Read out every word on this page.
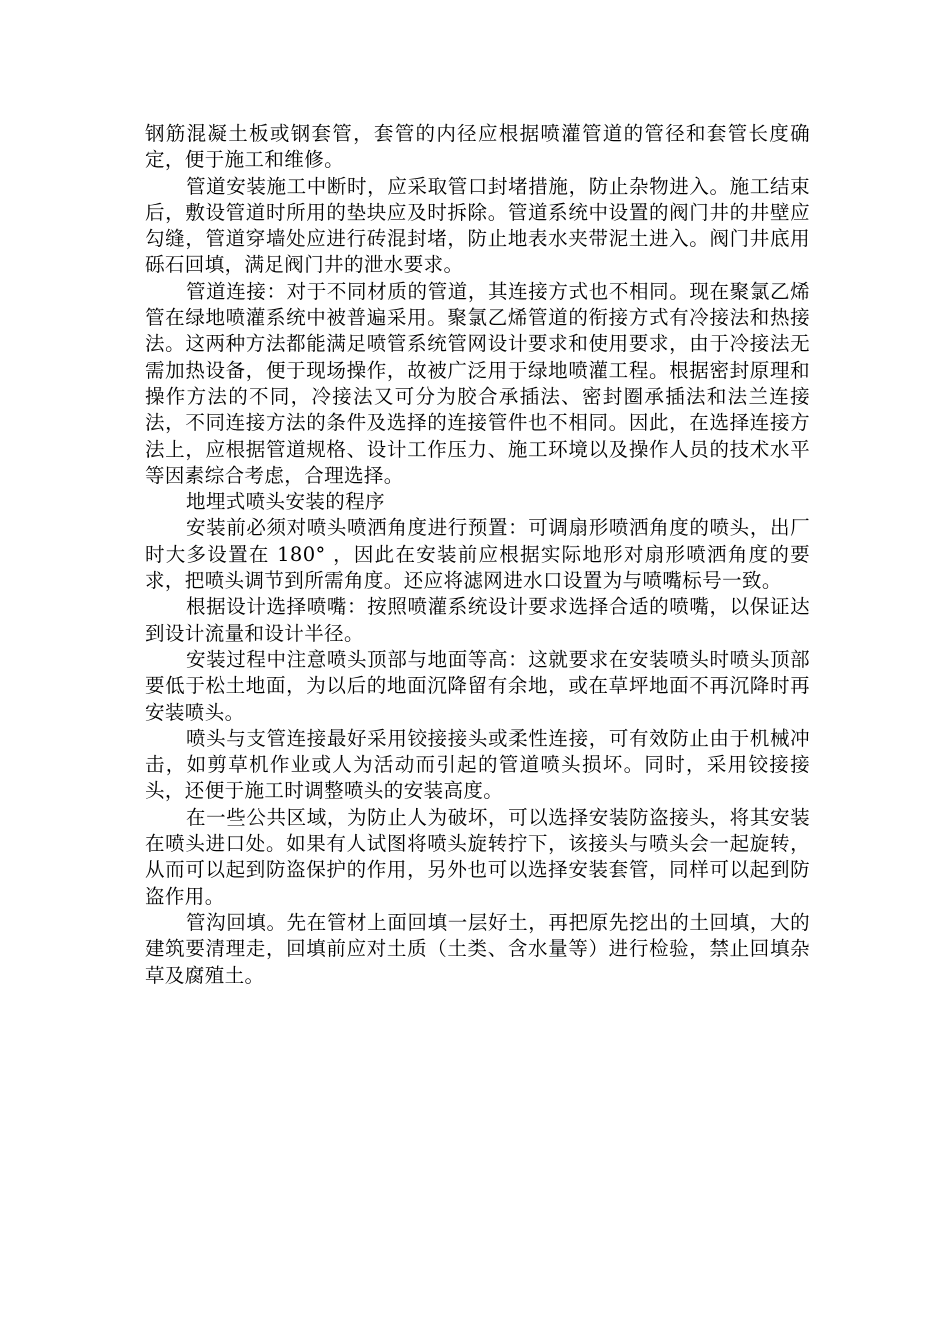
钢筋混凝土板或钢套管，套管的内径应根据喷灌管道的管径和套管长度确定，便于施工和维修。

管道安装施工中断时，应采取管口封堵措施，防止杂物进入。施工结束后，敷设管道时所用的垫块应及时拆除。管道系统中设置的阀门井的井壁应勾缝，管道穿墙处应进行砖混封堵，防止地表水夹带泥土进入。阀门井底用砾石回填，满足阀门井的泄水要求。

管道连接：对于不同材质的管道，其连接方式也不相同。现在聚氯乙烯管在绿地喷灌系统中被普遍采用。聚氯乙烯管道的衔接方式有冷接法和热接法。这两种方法都能满足喷管系统管网设计要求和使用要求，由于冷接法无需加热设备，便于现场操作，故被广泛用于绿地喷灌工程。根据密封原理和操作方法的不同，冷接法又可分为胶合承插法、密封圈承插法和法兰连接法，不同连接方法的条件及选择的连接管件也不相同。因此，在选择连接方法上，应根据管道规格、设计工作压力、施工环境以及操作人员的技术水平等因素综合考虑，合理选择。

地埋式喷头安装的程序

安装前必须对喷头喷洒角度进行预置：可调扇形喷洒角度的喷头，出厂时大多设置在 180° ，因此在安装前应根据实际地形对扇形喷洒角度的要求，把喷头调节到所需角度。还应将滤网进水口设置为与喷嘴标号一致。

根据设计选择喷嘴：按照喷灌系统设计要求选择合适的喷嘴，以保证达到设计流量和设计半径。

安装过程中注意喷头顶部与地面等高：这就要求在安装喷头时喷头顶部要低于松土地面，为以后的地面沉降留有余地，或在草坪地面不再沉降时再安装喷头。

喷头与支管连接最好采用铰接接头或柔性连接，可有效防止由于机械冲击，如剪草机作业或人为活动而引起的管道喷头损坏。同时，采用铰接接头，还便于施工时调整喷头的安装高度。

在一些公共区域，为防止人为破坏，可以选择安装防盗接头，将其安装在喷头进口处。如果有人试图将喷头旋转拧下，该接头与喷头会一起旋转，从而可以起到防盗保护的作用，另外也可以选择安装套管，同样可以起到防盗作用。

管沟回填。先在管材上面回填一层好土，再把原先挖出的土回填，大的建筑要清理走，回填前应对土质（土类、含水量等）进行检验，禁止回填杂草及腐殖土。
